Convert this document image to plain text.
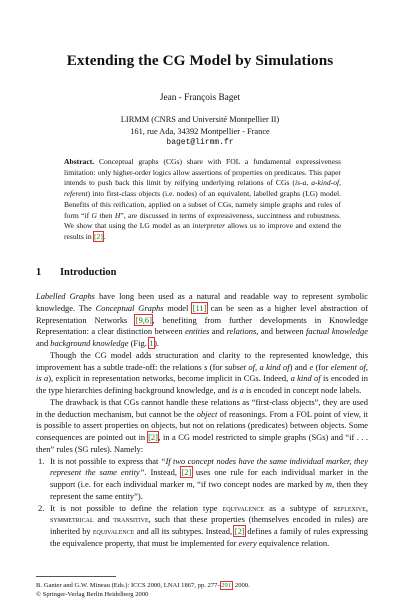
Extending the CG Model by Simulations
Jean - François Baget
LIRMM (CNRS and Université Montpellier II)
161, rue Ada, 34392 Montpellier - France
baget@lirmm.fr
Abstract. Conceptual graphs (CGs) share with FOL a fundamental expressiveness limitation: only higher-order logics allow assertions of properties on predicates. This paper intends to push back this limit by reifying underlying relations of CGs (is-a, a-kind-of, referent) into first-class objects (i.e. nodes) of an equivalent, labelled graphs (LG) model. Benefits of this reification, applied on a subset of CGs, namely simple graphs and rules of form “if G then H”, are discussed in terms of expressiveness, succintness and robustness. We show that using the LG model as an interpreter allows us to improve and extend the results in [2].
1 Introduction

Labelled Graphs have long been used as a natural and readable way to represent symbolic knowledge. The Conceptual Graphs model [11] can be seen as a higher level abstraction of Representation Networks [9,6], benefiting from further developments in Knowledge Representation: a clear distinction between entities and relations, and between factual knowledge and background knowledge (Fig. 1).

Though the CG model adds structuration and clarity to the represented knowledge, this improvement has a subtle trade-off: the relations s (for subset of, a kind of) and e (for element of, is a), explicit in representation networks, become implicit in CGs. Indeed, a kind of is encoded in the type hierarchies defining background knowledge, and is a is encoded in concept node labels.

The drawback is that CGs cannot handle these relations as “first-class objects”, they are used in the deduction mechanism, but cannot be the object of reasonings. From a FOL point of view, it is possible to assert properties on objects, but not on relations (predicates) between objects. Some consequences are pointed out in [2], in a CG model restricted to simple graphs (SGs) and “if . . . then” rules (SG rules). Namely:

1. It is not possible to express that “If two concept nodes have the same individual marker, they represent the same entity”. Instead, [2] uses one rule for each individual marker in the support (i.e. for each individual marker m, “if two concept nodes are marked by m, then they represent the same entity”).
2. It is not possible to define the relation type equivalence as a subtype of reflexive, symmetrical and transitive, such that these properties (themselves encoded in rules) are inherited by equivalence and all its subtypes. Instead, [2] defines a family of rules expressing the equivalence property, that must be implemented for every equivalence relation.
B. Ganter and G.W. Mineau (Eds.): ICCS 2000, LNAI 1867, pp. 277–291, 2000.
© Springer-Verlag Berlin Heidelberg 2000
